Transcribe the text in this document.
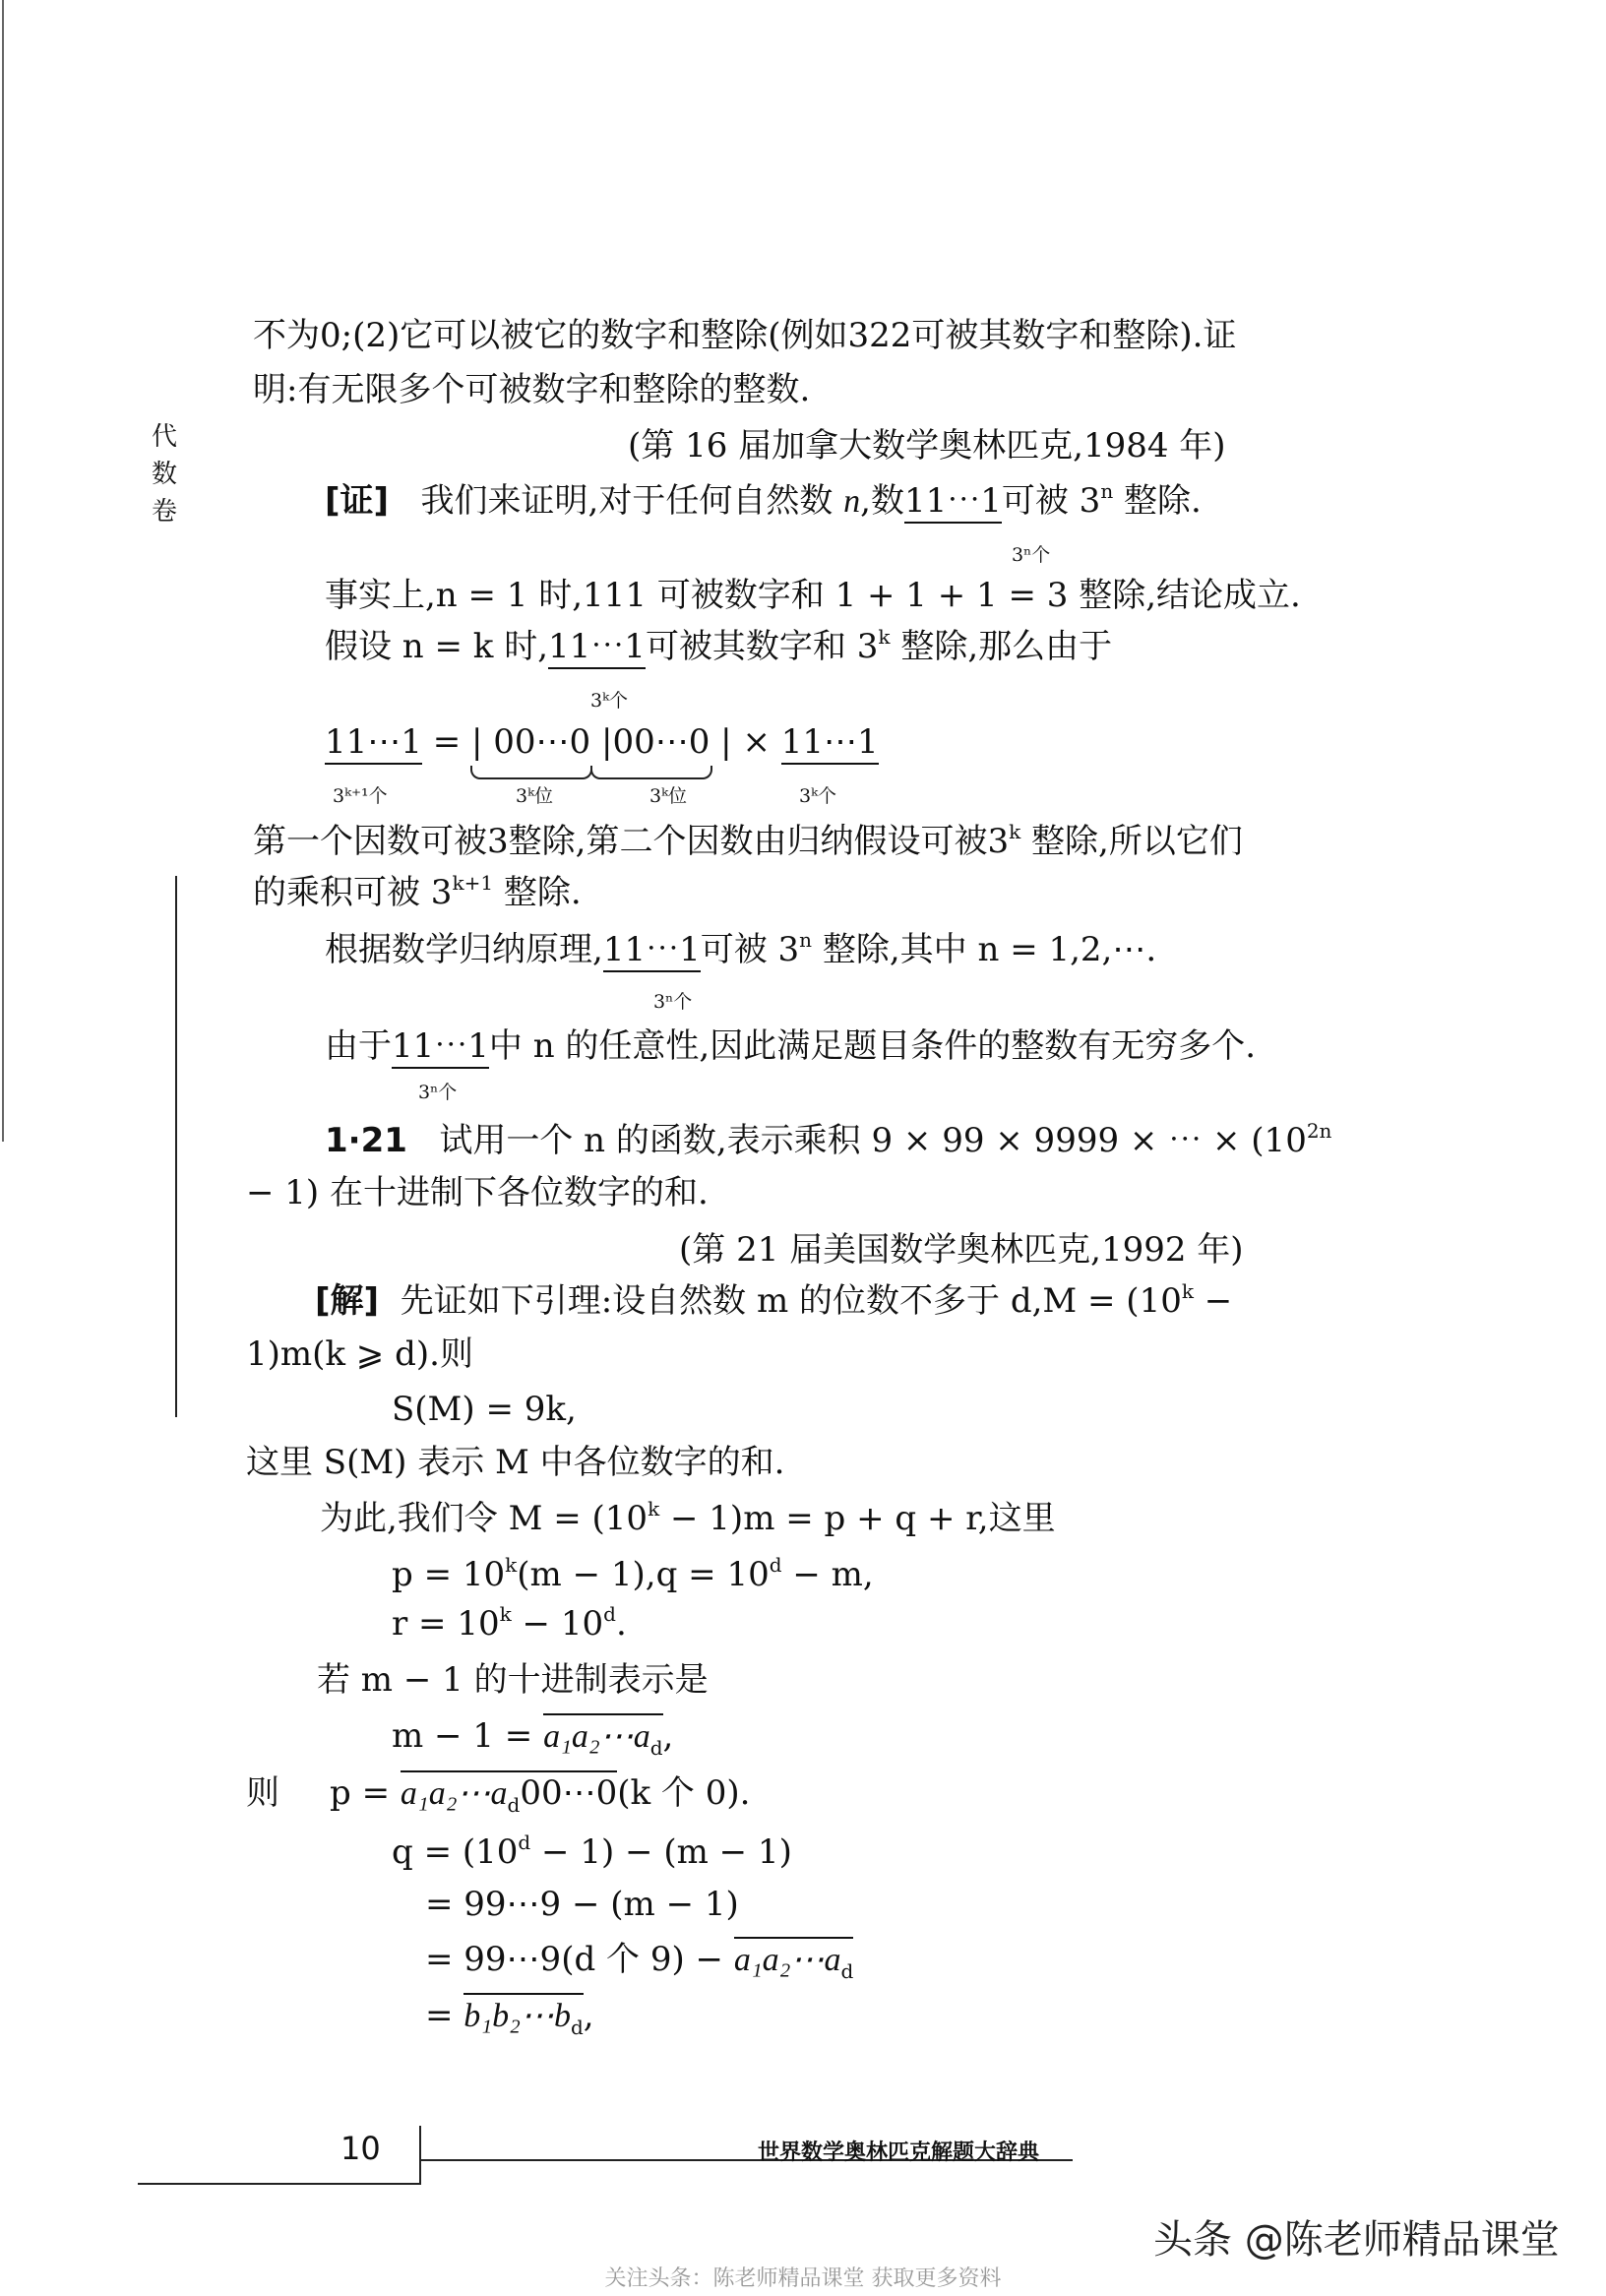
代
数
卷
不为0;(2)它可以被它的数字和整除(例如322可被其数字和整除).证
明:有无限多个可被数字和整除的整数.
(第 16 届加拿大数学奥林匹克,1984 年)
[证] 我们来证明,对于任何自然数 n,数11⋯1可被 3$^n$ 整除.
3ⁿ个
事实上,n = 1 时,111 可被数字和 1 + 1 + 1 = 3 整除,结论成立.
假设 n = k 时,11⋯1可被其数字和 3$^k$ 整除,那么由于
3ᵏ个
11⋯1 = | 00⋯0 |00⋯0 | × 11⋯1
3ᵏ⁺¹个	3ᵏ位	3ᵏ位	3ᵏ个
第一个因数可被3整除,第二个因数由归纳假设可被3$^k$ 整除,所以它们
的乘积可被 $3^{k+1}$ 整除.
根据数学归纳原理,11⋯1可被 3$^n$ 整除,其中 n = 1,2,⋯.
3ⁿ个
由于11⋯1中 n 的任意性,因此满足题目条件的整数有无穷多个.
3ⁿ个
1·21 试用一个 n 的函数,表示乘积 9 × 99 × 9999 × ⋯ × ($10^{2n}$
− 1) 在十进制下各位数字的和.
(第 21 届美国数学奥林匹克,1992 年)
[解] 先证如下引理:设自然数 m 的位数不多于 $d,M = (10^k$ −
1)m(k ⩾ d).则
S(M) = 9k,
这里 S(M) 表示 M 中各位数字的和.
为此,我们令 $M = (10^k - 1)m = p + q + r$,这里
$p = 10^k(m - 1),q = 10^d - m$,
$r = 10^k - 10^d$.
若 m − 1 的十进制表示是
$m - 1 = a_1a_2\cdots a_d$,
则 $p = a_1a_2\cdots a_d00\cdots 0(k$ 个 0).
$q = (10^d - 1) - (m - 1)$
= 99⋯9 − (m − 1)
= 99⋯9(d 个 $9) - a_1a_2\cdots a_d$
= $b_1b_2\cdots b_d$,
10	世界数学奥林匹克解题大辞典
头条 @陈老师精品课堂
关注头条：陈老师精品课堂 获取更多资料
